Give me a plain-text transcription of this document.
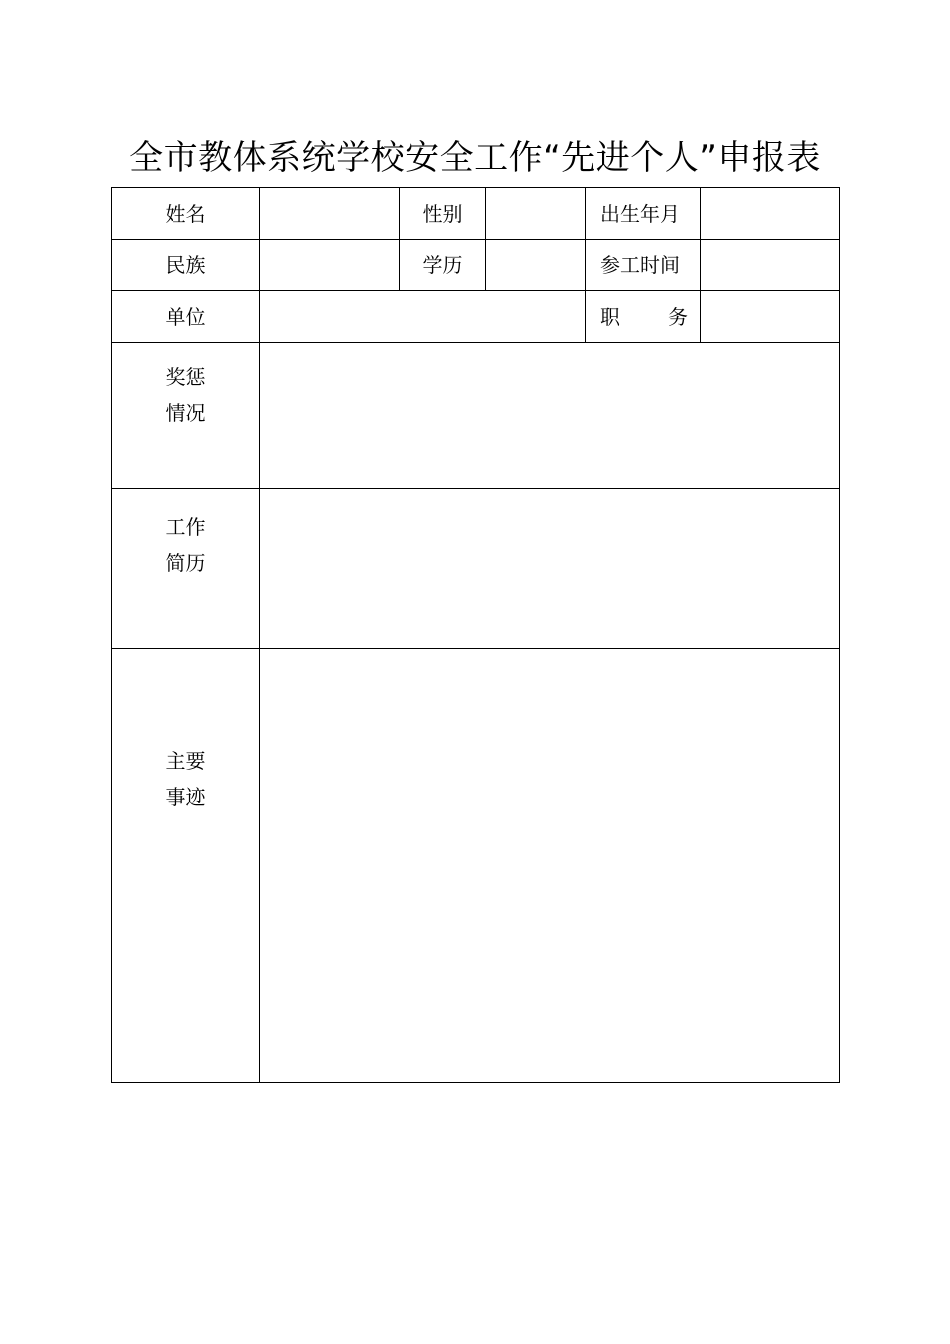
全市教体系统学校安全工作“先进个人”申报表
姓名		性别		出生年月	
民族		学历		参工时间	
单位				职 务	

奖惩
情况					

工作
简历					

主要
事迹					
